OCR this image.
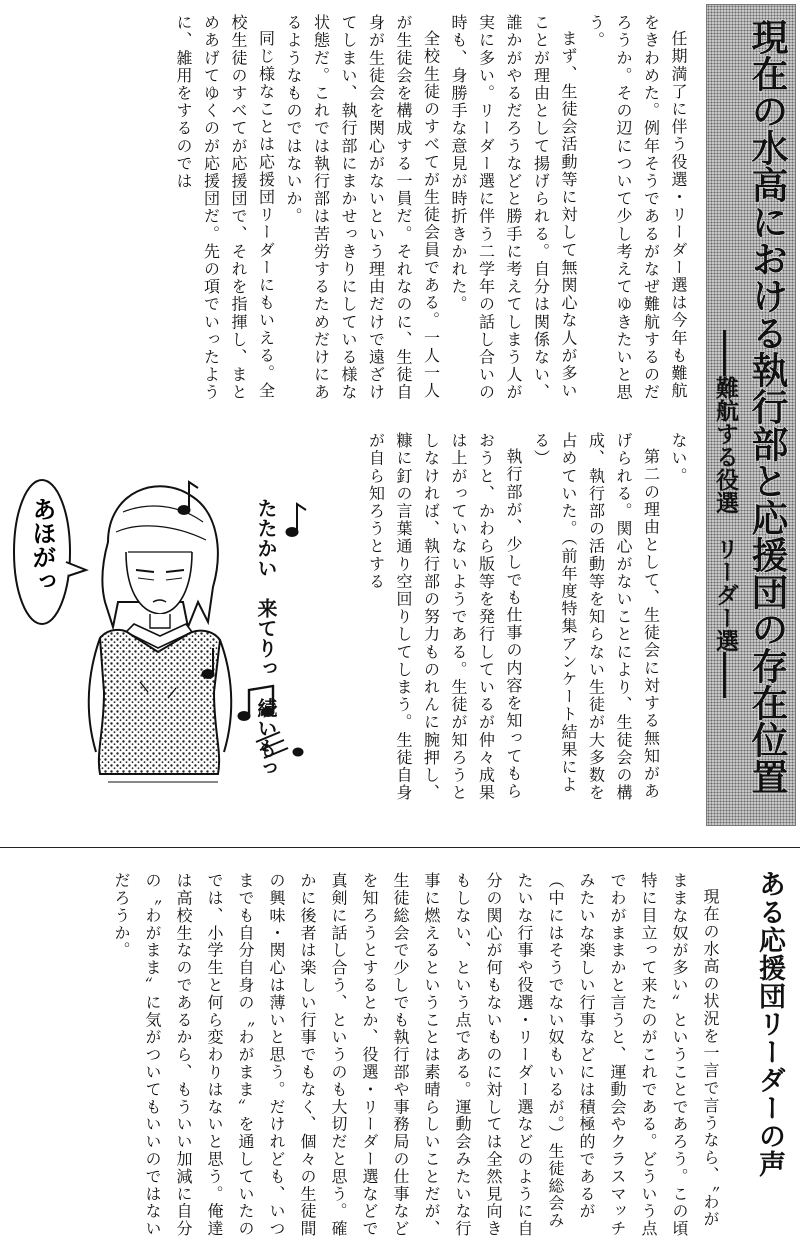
現在の水高における執行部と応援団の存在位置
――難航する役選　リーダー選――

任期満了に伴う役選・リーダー選は今年も難航をきわめた。例年そうであるがなぜ難航するのだろうか。その辺について少し考えてゆきたいと思う。

まず、生徒会活動等に対して無関心な人が多いことが理由として揚げられる。自分は関係ない、誰かがやるだろうなどと勝手に考えてしまう人が実に多い。リーダー選に伴う二学年の話し合いの時も、身勝手な意見が時折きかれた。

全校生徒のすべてが生徒会員である。一人一人が生徒会を構成する一員だ。それなのに、生徒自身が生徒会を関心がないという理由だけで遠ざけてしまい、執行部にまかせっきりにしている様な状態だ。これでは執行部は苦労するためだけにあるようなものではないか。

同じ様なことは応援団リーダーにもいえる。全校生徒のすべてが応援団で、それを指揮し、まとめあげてゆくのが応援団だ。先の項でいったように、雑用をするのでは

ない。

第二の理由として、生徒会に対する無知があげられる。関心がないことにより、生徒会の構成、執行部の活動等を知らない生徒が大多数を占めていた。（前年度特集アンケート結果による）

執行部が、少しでも仕事の内容を知ってもらおうと、かわら版等を発行しているが仲々成果は上がっていないようである。生徒が知ろうとしなければ、執行部の努力ものれんに腕押し、糠に釘の言葉通り空回りしてしまう。生徒自身が自ら知ろうとする

あほがっ	たたかい　来てりっ　続いもっ
ある応援団リーダーの声

現在の水高の状況を一言で言うなら、〝わがままな奴が多い〟ということであろう。この頃特に目立って来たのがこれである。どういう点でわがままかと言うと、運動会やクラスマッチみたいな楽しい行事などには積極的であるが（中にはそうでない奴もいるが。）生徒総会みたいな行事や役選・リーダー選などのように自分の関心が何もないものに対しては全然見向きもしない、という点である。運動会みたいな行事に燃えるということは素晴らしいことだが、生徒総会で少しでも執行部や事務局の仕事などを知ろうとするとか、役選・リーダー選などで真剣に話し合う、というのも大切だと思う。確かに後者は楽しい行事でもなく、個々の生徒間の興味・関心は薄いと思う。だけれども、いつまでも自分自身の〝わがまま〟を通していたのでは、小学生と何ら変わりはないと思う。俺達は高校生なのであるから、もういい加減に自分の〝わがまま〟に気がついてもいいのではないだろうか。
